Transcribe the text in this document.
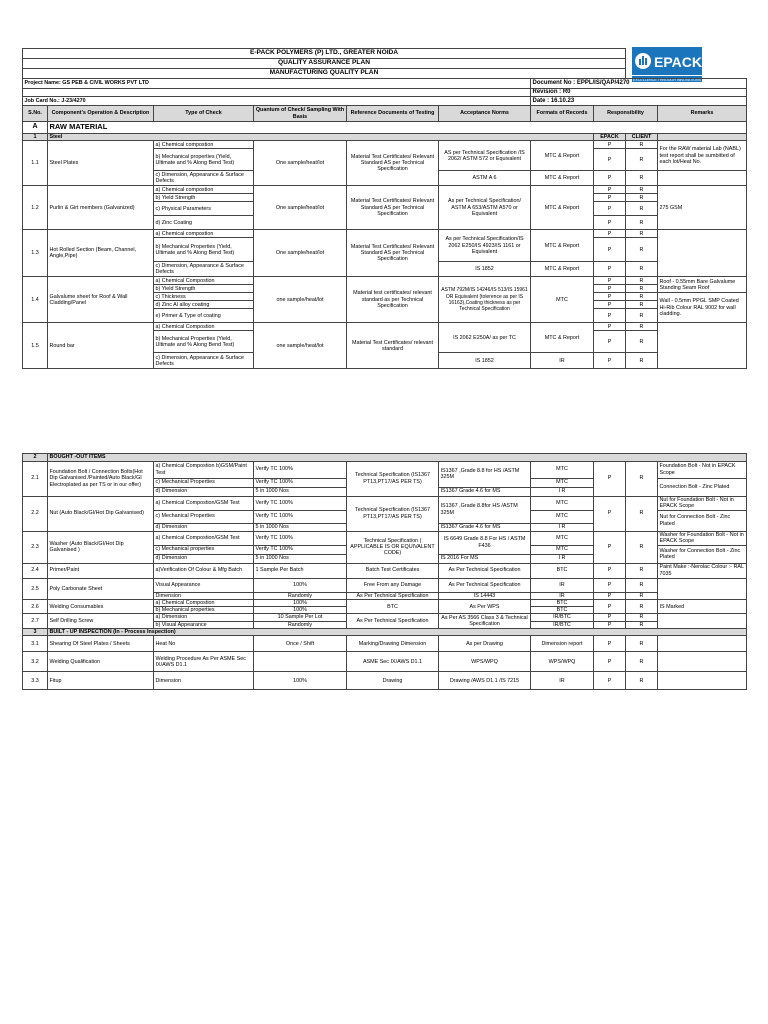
EPACK
EXCELLENCE THROUGH INNOVATIONS
E-PACK POLYMERS (P) LTD., GREATER NOIDA									
QUALITY ASSURANCE PLAN									
MANUFACTURING QUALITY PLAN									
Project Name: GS PEB & CIVIL WORKS PVT LTD						Document No : EPPL/IS/QAP/4270			
						Revision : R0			
Job Card No.: J-23/4270						Date : 16.10.23			
S.No.	Component's Operation & Description	Type of Check	Quantum of Check/ Sampling With Basis	Reference Documents of Testing	Acceptance Norms	Formats of Records	Responsibility		Remarks
A	RAW MATERIAL								
1	Steel						EPACK	CLIENT	
1.1	Steel Plates	a) Chemical compostion	One sample/heat/lot	Material Test Certificates/ Relevant Standard AS per Technical Specification	AS per Technical Specification /IS 2062/ ASTM 572 or Equivalent	MTC & Report	P	R	For the RAW material Lab (NABL) test report shall be sumbitted of each lot/Heat No.
		b) Mechanical properties (Yield, Ultimate and % Along Bend Test)					P	R	
		c) Dimension, Appearance & Surface Defects			ASTM A 6	MTC & Report	P	R	
1.2	Purlin & Girt members (Galvanized)	a) Chemical compostion	One sample/heat/lot	Material Test Certificates/ Relevant Standard AS per Technical Specification	As per Technical Specification/ ASTM A 653/ASTM A570 or Equivalent	MTC & Report	P	R	275 GSM
		b) Yield Strength					P	R	
		c) Physical Parameters					P	R	
		d) Zinc Coating					P	R	
1.3	Hot Rolled Section (Beam, Channel, Angle,Pipe)	a) Chemical compostion	One sample/heat/lot	Material Test Certificates/ Relevant Standard AS per Technical Specification	As per Technical Specification/IS 2062 E250/IS 4923/IS 1161 or Equivalent	MTC & Report	P	R	
		b) Mechanical Properties (Yield, Ultimate and % Along Bend Test)					P	R	
		c) Dimension, Appearance & Surface Defects			IS 1852	MTC & Report	P	R	
1.4	Galvalume sheet for Roof & Wall Cladding/Panel	a) Chemical Compostion	one sample/heat/lot	Material test certificates/ relevant standard as per Technical Specification	ASTM 792M/IS 14246/IS 513/IS 15961 OR Equivalent (tolerence as per IS 16163),Coating thickness as per Technical Specification	MTC	P	R	Roof - 0.55mm Bare Galvalume Standing Seam Roof
		b) Yield Strength					P	R	
		c) Thickness					P	R	Wall - 0.5mm PPGL SMP Coated Hi-Rib Colour RAL 9002 for wall cladding.
		d) Zinc Al alloy coating					P	R	
		e) Primer & Type of coating					P	R	
1.5	Round bar	a) Chemical Compostion	one sample/heat/lot	Material Test Certificates/ relevant standard	IS 2062 E250A/ as per TC	MTC & Report	P	R	
		b) Mechanical Properties (Yield, Ultimate and % Along Bend Test)					P	R	
		c) Dimension, Appearance & Surface Defects			IS 1852	IR	P	R	

2	BOUGHT -OUT ITEMS								
2.1	Foundation Bolt / Connection Bolts(Hot Dip Galvanised /Painted/Auto Black/GI Electroplated as per TS or in our offer)	a) Chemical Compostion b)GSM/Paint Test	Verify TC 100%	Technical Specification (IS1367 PT13,PT17/AS PER TS)	IS1367 ,Grade 8.8 for HS /ASTM 325M	MTC	P	R	Foundation Bolt - Not in EPACK Scope
		c) Mechanical Properties	Verify TC 100%			MTC			Connection Bolt - Zinc Plated
		d) Dimension	5 in 1000 Nos		IS1367 Grade 4.6 for MS	I R			
2.2	Nut (Auto Black/GI/Hot Dip Galvanised)	a) Chemical Compostion/GSM Test	Verify TC 100%	Technical Specification (IS1367 PT13,PT17/AS PER TS)	IS1367 ,Grade 8.8for HS /ASTM 325M	MTC	P	R	Nut for Foundation Bolt - Not in EPACK Scope
		c) Mechanical Properties	Verify TC 100%			MTC			Nut for Connection Bolt - Zinc Plated
		d) Dimension	5 in 1000 Nos		IS1367 Grade 4.6 for MS	I R			
2.3	Washer (Auto Black/GI/Hot Dip Galvanised )	a) Chemical Compostion/GSM Test	Verify TC 100%	Technical Specification ( APPLICABLE IS OR EQUIVALENT CODE)	IS 6649 Grade 8.8 For HS / ASTM F436	MTC	P	R	Washer for Foundation Bolt - Not in EPACK Scope
		c) Mechanical properties	Verify TC 100%			MTC			Washer for Connection Bolt - Zinc Plated
		d) Dimension	5 in 1000 Nos		IS 2016 For MS	I R			
2.4	Primer/Paint	a)Verification Of Colour & Mfg Batch	1 Sample Per Batch	Batch Test Certificates	As Per Technical Specification	BTC	P	R	Paint Make :-Nerolac Colour :- RAL 7035
2.5	Poly Carbonate Sheet	Visual Appearance	100%	Free From any Damage	As Per Technical Specification	IR	P	R	
		Dimension	Randomly	As Per Technical Specification	IS 14443	IR	P	R	
2.6	Welding Consumables	a) Chemical Compostion	100%	BTC	As Per WPS	BTC	P	R	IS Marked
		b) Mechanical properties	100%			BTC			
2.7	Self Drilling Screw	a) Dimension	10 Sample Per Lot	As Per Technical Specification	As Per AS 3566 Class 3 & Technical Specification	IR/BTC	P	R	
		b) Visual Appearance	Randomly			IR/BTC	P	R	
3	BUILT - UP INSPECTION (In - Process Inspection)								
3.1	Shearing Of Steel Plates / Sheets	Heat No	Once / Shift	Marking/Drawing Dimension	As per Drawing	Dimension report	P	R	
3.2	Welding Qualification	Welding Procedure As Per ASME Sec IX/AWS D1.1		ASME Sec IX/AWS D1.1	WPS/WPQ	WPS/WPQ	P	R	
3.3	Fitup	Dimension	100%	Drawing	Drawing /AWS D1.1 /IS 7215	IR	P	R	
